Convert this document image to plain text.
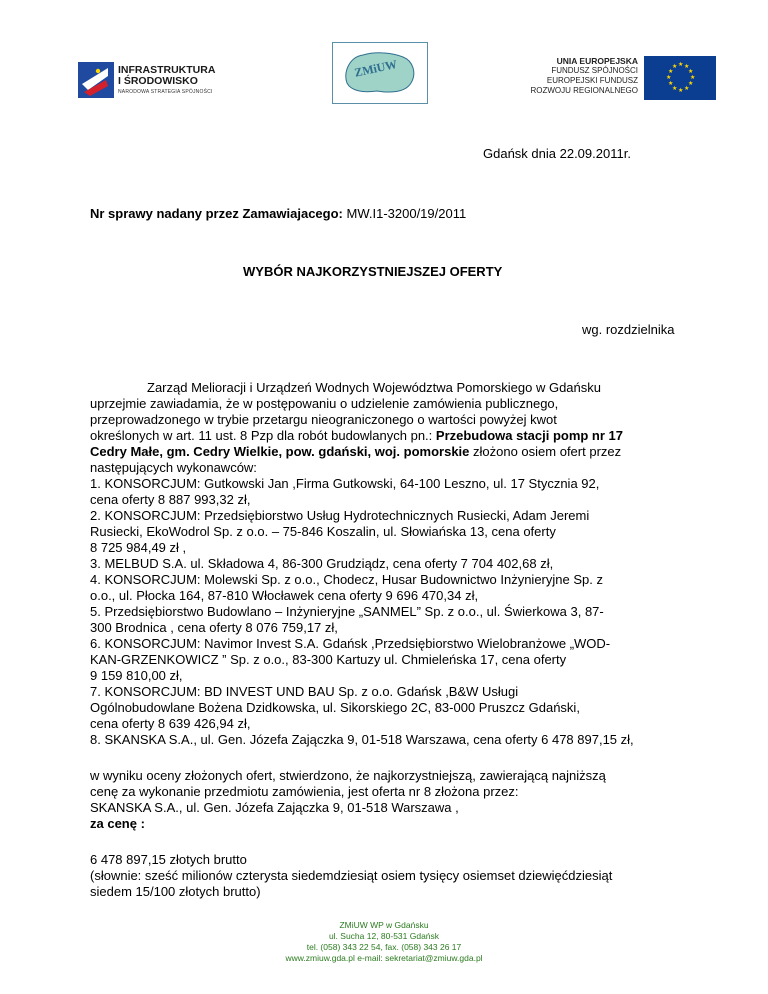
INFRASTRUKTURA
I ŚRODOWISKO
NARODOWA STRATEGIA SPÓJNOŚCI
ZMiUW	UNIA EUROPEJSKA
FUNDUSZ SPÓJNOŚCI
EUROPEJSKI FUNDUSZ
ROZWOJU REGIONALNEGO
★ ★
★
★
★
★
★
★
★
★
★
★
Gdańsk dnia 22.09.2011r.
Nr sprawy nadany przez Zamawiajacego: MW.I1-3200/19/2011
WYBÓR NAJKORZYSTNIEJSZEJ OFERTY
wg. rozdzielnika
Zarząd Melioracji i Urządzeń Wodnych Województwa Pomorskiego w Gdańsku
uprzejmie zawiadamia, że w postępowaniu o udzielenie zamówienia publicznego,
przeprowadzonego w trybie przetargu nieograniczonego o wartości powyżej kwot
określonych w art. 11 ust. 8 Pzp dla robót budowlanych pn.: Przebudowa stacji pomp nr 17
Cedry Małe, gm. Cedry Wielkie, pow. gdański, woj. pomorskie złożono osiem ofert przez
następujących wykonawców:
1. KONSORCJUM: Gutkowski Jan ,Firma Gutkowski, 64-100 Leszno, ul. 17 Stycznia 92,
cena oferty 8 887 993,32 zł,
2. KONSORCJUM: Przedsiębiorstwo Usług Hydrotechnicznych Rusiecki, Adam Jeremi
Rusiecki, EkoWodrol Sp. z o.o. – 75-846 Koszalin, ul. Słowiańska 13, cena oferty
8 725 984,49 zł ,
3. MELBUD S.A. ul. Składowa 4, 86-300 Grudziądz, cena oferty 7 704 402,68 zł,
4. KONSORCJUM: Molewski Sp. z o.o., Chodecz, Husar Budownictwo Inżynieryjne Sp. z
o.o., ul. Płocka 164, 87-810 Włocławek cena oferty 9 696 470,34 zł,
5. Przedsiębiorstwo Budowlano – Inżynieryjne „SANMEL” Sp. z o.o., ul. Świerkowa 3, 87-
300 Brodnica , cena oferty 8 076 759,17 zł,
6. KONSORCJUM: Navimor Invest S.A. Gdańsk ,Przedsiębiorstwo Wielobranżowe „WOD-
KAN-GRZENKOWICZ ” Sp. z o.o., 83-300 Kartuzy ul. Chmieleńska 17, cena oferty
9 159 810,00 zł,
7. KONSORCJUM: BD INVEST UND BAU Sp. z o.o. Gdańsk ,B&W Usługi
Ogólnobudowlane Bożena Dzidkowska, ul. Sikorskiego 2C, 83-000 Pruszcz Gdański,
cena oferty 8 639 426,94 zł,
8. SKANSKA S.A., ul. Gen. Józefa Zajączka 9, 01-518 Warszawa, cena oferty 6 478 897,15 zł,
w wyniku oceny złożonych ofert, stwierdzono, że najkorzystniejszą, zawierającą najniższą
cenę za wykonanie przedmiotu zamówienia, jest oferta nr 8 złożona przez:
SKANSKA S.A., ul. Gen. Józefa Zajączka 9, 01-518 Warszawa ,
za cenę :
6 478 897,15 złotych brutto
(słownie: sześć milionów czterysta siedemdziesiąt osiem tysięcy osiemset dziewięćdziesiąt
siedem 15/100 złotych brutto)
ZMiUW WP w Gdańsku
ul. Sucha 12, 80-531 Gdańsk
tel. (058) 343 22 54, fax. (058) 343 26 17
www.zmiuw.gda.pl e-mail: sekretariat@zmiuw.gda.pl
